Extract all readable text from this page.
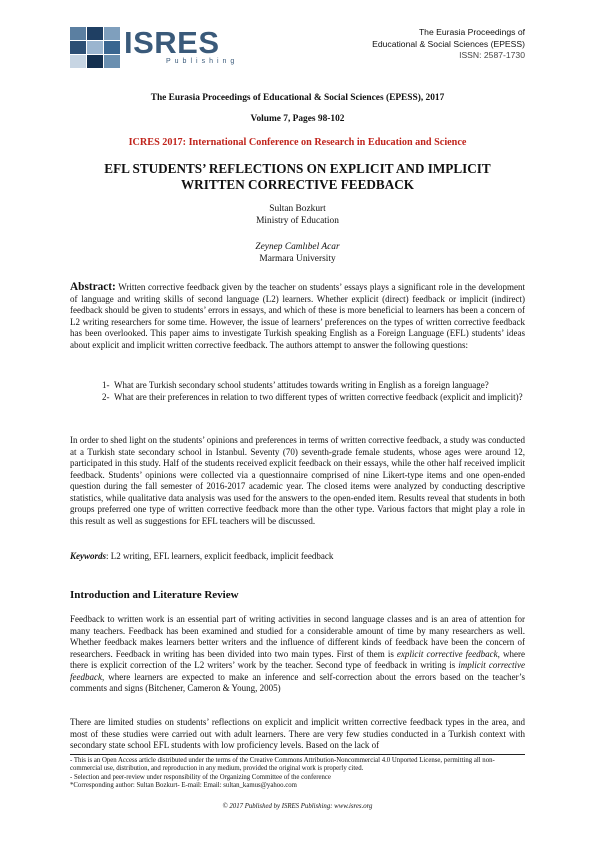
ISRES
Publishing
The Eurasia Proceedings of
Educational & Social Sciences (EPESS)
ISSN: 2587-1730
The Eurasia Proceedings of Educational & Social Sciences (EPESS), 2017
Volume 7, Pages 98-102
ICRES 2017: International Conference on Research in Education and Science
EFL STUDENTS’ REFLECTIONS ON EXPLICIT AND IMPLICIT
WRITTEN CORRECTIVE FEEDBACK
Sultan Bozkurt
Ministry of Education
Zeynep Camlıbel Acar
Marmara University
Abstract: Written corrective feedback given by the teacher on students’ essays plays a significant role in the development of language and writing skills of second language (L2) learners. Whether explicit (direct) feedback or implicit (indirect) feedback should be given to students’ errors in essays, and which of these is more beneficial to learners has been a concern of L2 writing researchers for some time. However, the issue of learners’ preferences on the types of written corrective feedback has been overlooked. This paper aims to investigate Turkish speaking English as a Foreign Language (EFL) students’ ideas about explicit and implicit written corrective feedback. The authors attempt to answer the following questions:
1- What are Turkish secondary school students’ attitudes towards writing in English as a foreign language?
2- What are their preferences in relation to two different types of written corrective feedback (explicit and implicit)?
In order to shed light on the students’ opinions and preferences in terms of written corrective feedback, a study was conducted at a Turkish state secondary school in Istanbul. Seventy (70) seventh-grade female students, whose ages were around 12, participated in this study. Half of the students received explicit feedback on their essays, while the other half received implicit feedback. Students’ opinions were collected via a questionnaire comprised of nine Likert-type items and one open-ended question during the fall semester of 2016-2017 academic year. The closed items were analyzed by conducting descriptive statistics, while qualitative data analysis was used for the answers to the open-ended item. Results reveal that students in both groups preferred one type of written corrective feedback more than the other type. Various factors that might play a role in this result as well as suggestions for EFL teachers will be discussed.
Keywords: L2 writing, EFL learners, explicit feedback, implicit feedback
Introduction and Literature Review
Feedback to written work is an essential part of writing activities in second language classes and is an area of attention for many teachers. Feedback has been examined and studied for a considerable amount of time by many researchers as well. Whether feedback makes learners better writers and the influence of different kinds of feedback have been the concern of researchers. Feedback in writing has been divided into two main types. First of them is explicit corrective feedback, where there is explicit correction of the L2 writers’ work by the teacher. Second type of feedback in writing is implicit corrective feedback, where learners are expected to make an inference and self-correction about the errors based on the teacher’s comments and signs (Bitchener, Cameron & Young, 2005)
There are limited studies on students’ reflections on explicit and implicit written corrective feedback types in the area, and most of these studies were carried out with adult learners. There are very few studies conducted in a Turkish context with secondary state school EFL students with low proficiency levels. Based on the lack of
- This is an Open Access article distributed under the terms of the Creative Commons Attribution-Noncommercial 4.0 Unported License, permitting all non-commercial use, distribution, and reproduction in any medium, provided the original work is properly cited.
- Selection and peer-review under responsibility of the Organizing Committee of the conference
*Corresponding author: Sultan Bozkurt- E-mail: Email: sultan_kamus@yahoo.com
© 2017 Published by ISRES Publishing: www.isres.org
